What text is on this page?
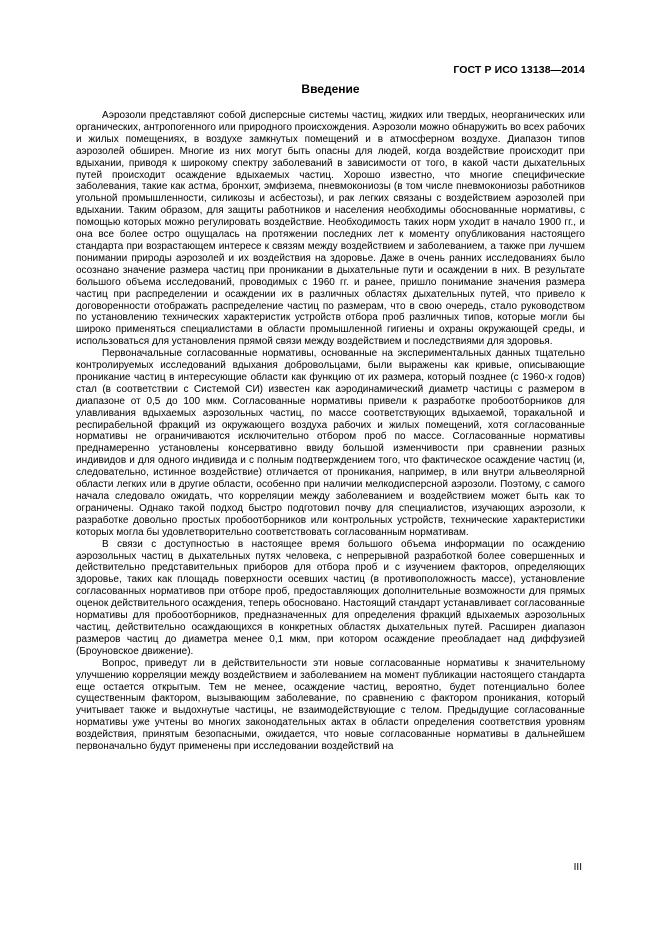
ГОСТ Р ИСО 13138—2014
Введение

Аэрозоли представляют собой дисперсные системы частиц, жидких или твердых, неорганических или органических, антропогенного или природного происхождения. Аэрозоли можно обнаружить во всех рабочих и жилых помещениях, в воздухе замкнутых помещений и в атмосферном воздухе. Диапазон типов аэрозолей обширен. Многие из них могут быть опасны для людей, когда воздействие происходит при вдыхании, приводя к широкому спектру заболеваний в зависимости от того, в какой части дыхательных путей происходит осаждение вдыхаемых частиц. Хорошо известно, что многие специфические заболевания, такие как астма, бронхит, эмфизема, пневмокониозы (в том числе пневмокониозы работников угольной промышленности, силикозы и асбестозы), и рак легких связаны с воздействием аэрозолей при вдыхании. Таким образом, для защиты работников и населения необходимы обоснованные нормативы, с помощью которых можно регулировать воздействие. Необходимость таких норм уходит в начало 1900 гг., и она все более остро ощущалась на протяжении последних лет к моменту опубликования настоящего стандарта при возрастающем интересе к связям между воздействием и заболеванием, а также при лучшем понимании природы аэрозолей и их воздействия на здоровье. Даже в очень ранних исследованиях было осознано значение размера частиц при проникании в дыхательные пути и осаждении в них. В результате большого объема исследований, проводимых с 1960 гг. и ранее, пришло понимание значения размера частиц при распределении и осаждении их в различных областях дыхательных путей, что привело к договоренности отображать распределение частиц по размерам, что в свою очередь, стало руководством по установлению технических характеристик устройств отбора проб различных типов, которые могли бы широко применяться специалистами в области промышленной гигиены и охраны окружающей среды, и использоваться для установления прямой связи между воздействием и последствиями для здоровья.

Первоначальные согласованные нормативы, основанные на экспериментальных данных тщательно контролируемых исследований вдыхания добровольцами, были выражены как кривые, описывающие проникание частиц в интересующие области как функцию от их размера, который позднее (с 1960-х годов) стал (в соответствии с Системой СИ) известен как аэродинамический диаметр частицы с размером в диапазоне от 0,5 до 100 мкм. Согласованные нормативы привели к разработке пробоотборников для улавливания вдыхаемых аэрозольных частиц, по массе соответствующих вдыхаемой, торакальной и респирабельной фракций из окружающего воздуха рабочих и жилых помещений, хотя согласованные нормативы не ограничиваются исключительно отбором проб по массе. Согласованные нормативы преднамеренно установлены консервативно ввиду большой изменчивости при сравнении разных индивидов и для одного индивида и с полным подтверждением того, что фактическое осаждение частиц (и, следовательно, истинное воздействие) отличается от проникания, например, в или внутри альвеолярной области легких или в другие области, особенно при наличии мелкодисперсной аэрозоли. Поэтому, с самого начала следовало ожидать, что корреляции между заболеванием и воздействием может быть как то ограничены. Однако такой подход быстро подготовил почву для специалистов, изучающих аэрозоли, к разработке довольно простых пробоотборников или контрольных устройств, технические характеристики которых могла бы удовлетворительно соответствовать согласованным нормативам.

В связи с доступностью в настоящее время большого объема информации по осаждению аэрозольных частиц в дыхательных путях человека, с непрерывной разработкой более совершенных и действительно представительных приборов для отбора проб и с изучением факторов, определяющих здоровье, таких как площадь поверхности осевших частиц (в противоположность массе), установление согласованных нормативов при отборе проб, предоставляющих дополнительные возможности для прямых оценок действительного осаждения, теперь обосновано. Настоящий стандарт устанавливает согласованные нормативы для пробоотборников, предназначенных для определения фракций вдыхаемых аэрозольных частиц, действительно осаждающихся в конкретных областях дыхательных путей. Расширен диапазон размеров частиц до диаметра менее 0,1 мкм, при котором осаждение преобладает над диффузией (Броуновское движение).

Вопрос, приведут ли в действительности эти новые согласованные нормативы к значительному улучшению корреляции между воздействием и заболеванием на момент публикации настоящего стандарта еще остается открытым. Тем не менее, осаждение частиц, вероятно, будет потенциально более существенным фактором, вызывающим заболевание, по сравнению с фактором проникания, который учитывает также и выдохнутые частицы, не взаимодействующие с телом. Предыдущие согласованные нормативы уже учтены во многих законодательных актах в области определения соответствия уровням воздействия, принятым безопасными, ожидается, что новые согласованные нормативы в дальнейшем первоначально будут применены при исследовании воздействий на

III
